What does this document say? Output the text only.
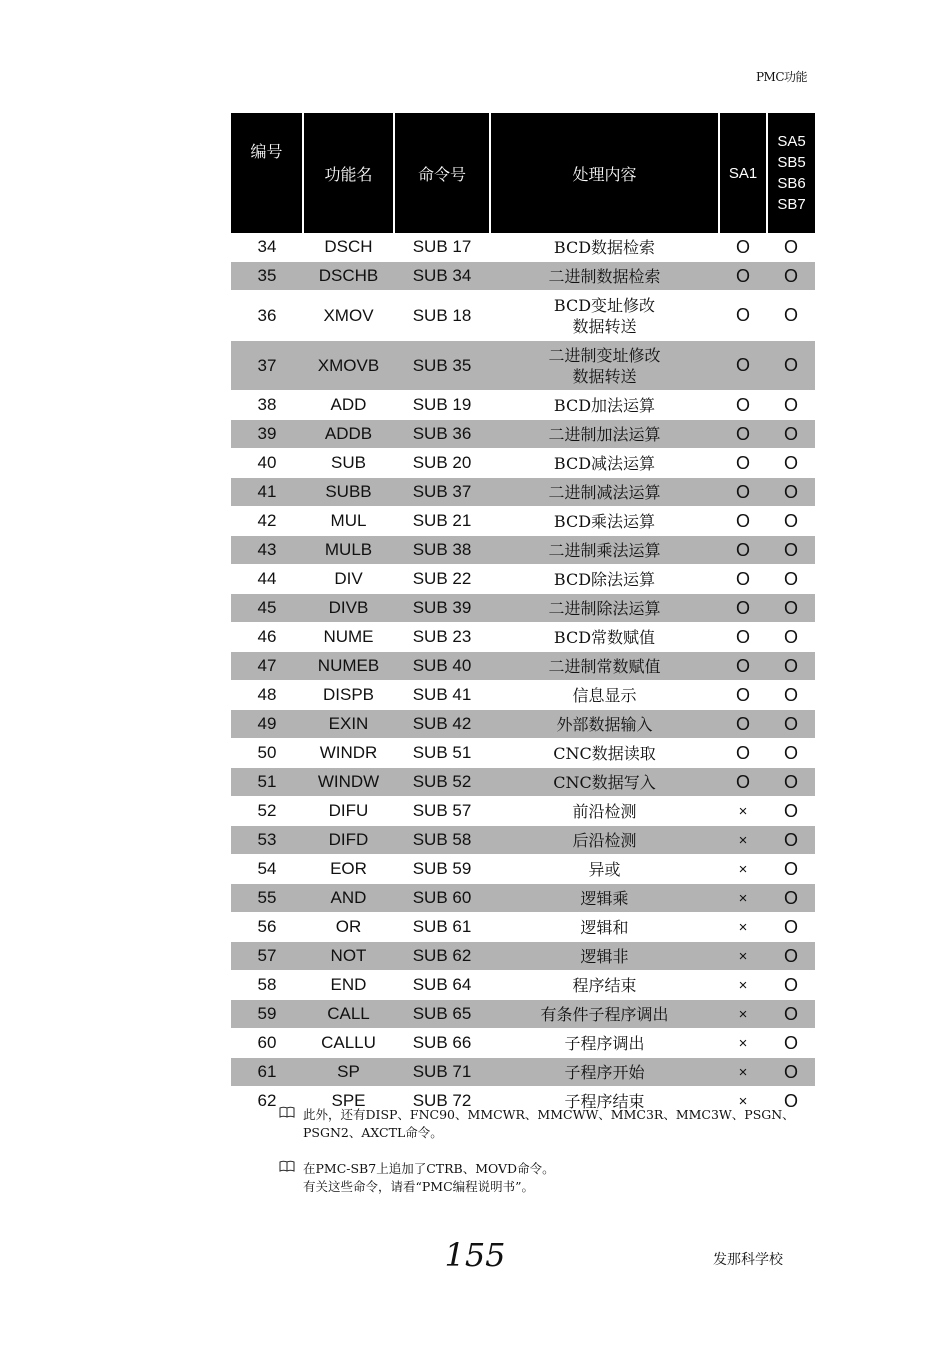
PMC功能
编号	功能名	命令号	处理内容	SA1	SA5
SB5
SB6
SB7
34	DSCH	SUB 17	BCD数据检索	O	O
35	DSCHB	SUB 34	二进制数据检索	O	O
36	XMOV	SUB 18	BCD变址修改
数据转送	O	O
37	XMOVB	SUB 35	二进制变址修改
数据转送	O	O
38	ADD	SUB 19	BCD加法运算	O	O
39	ADDB	SUB 36	二进制加法运算	O	O
40	SUB	SUB 20	BCD减法运算	O	O
41	SUBB	SUB 37	二进制减法运算	O	O
42	MUL	SUB 21	BCD乘法运算	O	O
43	MULB	SUB 38	二进制乘法运算	O	O
44	DIV	SUB 22	BCD除法运算	O	O
45	DIVB	SUB 39	二进制除法运算	O	O
46	NUME	SUB 23	BCD常数赋值	O	O
47	NUMEB	SUB 40	二进制常数赋值	O	O
48	DISPB	SUB 41	信息显示	O	O
49	EXIN	SUB 42	外部数据输入	O	O
50	WINDR	SUB 51	CNC数据读取	O	O
51	WINDW	SUB 52	CNC数据写入	O	O
52	DIFU	SUB 57	前沿检测	×	O
53	DIFD	SUB 58	后沿检测	×	O
54	EOR	SUB 59	异或	×	O
55	AND	SUB 60	逻辑乘	×	O
56	OR	SUB 61	逻辑和	×	O
57	NOT	SUB 62	逻辑非	×	O
58	END	SUB 64	程序结束	×	O
59	CALL	SUB 65	有条件子程序调出	×	O
60	CALLU	SUB 66	子程序调出	×	O
61	SP	SUB 71	子程序开始	×	O
62	SPE	SUB 72	子程序结束	×	O
此外，还有DISP、FNC90、MMCWR、MMCWW、MMC3R、MMC3W、PSGN、
PSGN2、AXCTL命令。
在PMC-SB7上追加了CTRB、MOVD命令。
有关这些命令，请看“PMC编程说明书”。
155	发那科学校
